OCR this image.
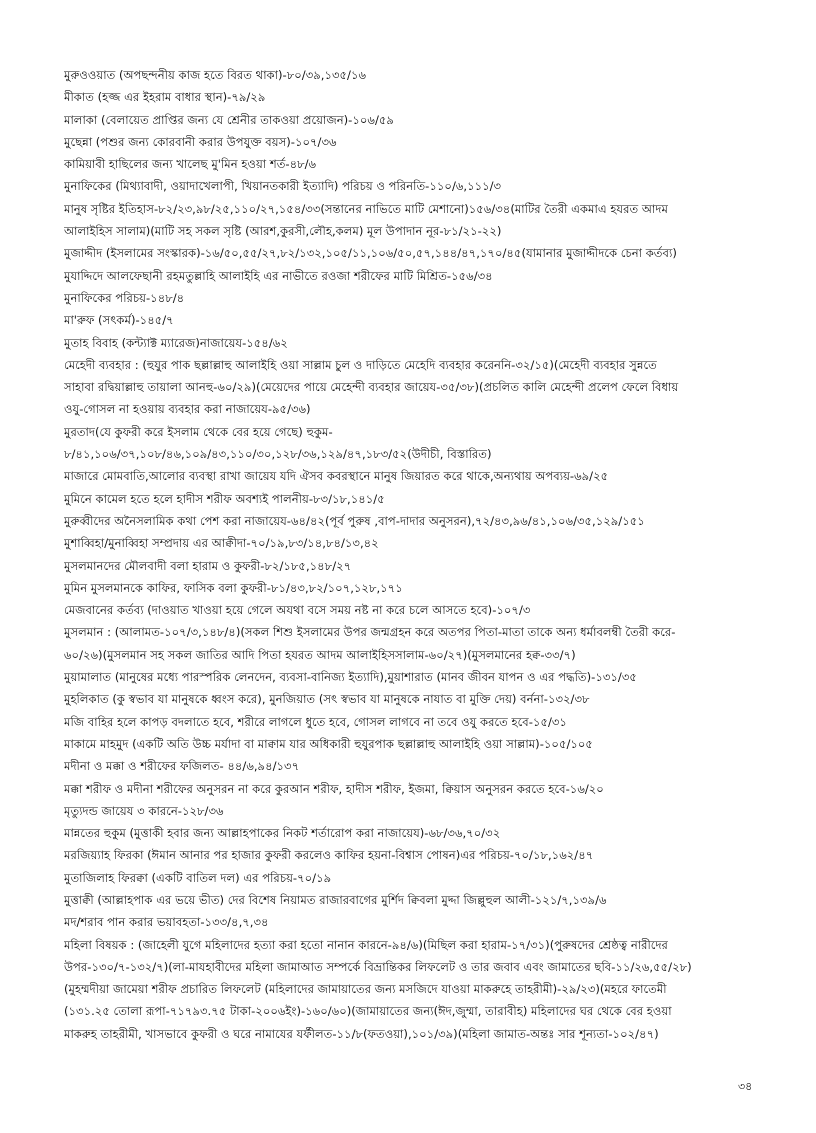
মুরুওওয়াত (অপছন্দনীয় কাজ হতে বিরত থাকা)-৮০/৩৯,১৩৫/১৬
মীকাত (হজ্জ এর ইহরাম বাধার স্থান)-৭৯/২৯
মালাকা (বেলায়েত প্রাপ্তির জন্য যে শ্রেনীর তাকওয়া প্রয়োজন)-১০৬/৫৯
মুছেন্না (পশুর জন্য কোরবানী করার উপযুক্ত বয়স)-১০৭/৩৬
কামিয়াবী হাছিলের জন্য খালেছ মু'মিন হওয়া শর্ত-৪৮/৬
মুনাফিকের (মিথ্যাবাদী, ওয়াদাখেলাপী, খিয়ানতকারী ইত্যাদি) পরিচয় ও পরিনতি-১১০/৬,১১১/৩
মানুষ সৃষ্টির ইতিহাস-৮২/২৩,৯৮/২৫,১১০/২৭,১৫৪/৩৩(সন্তানের নাভিতে মাটি মেশানো)১৫৬/৩৪(মাটির তৈরী একমাএ হযরত আদম
আলাইহিস সালাম)(মাটি সহ সকল সৃষ্টি (আরশ,কুরসী,লৌহ,কলম) মূল উপাদান নূর-৮১/২১-২২)
মুজাদ্দীদ (ইসলামের সংস্কারক)-১৬/৫০,৫৫/২৭,৮২/১৩২,১০৫/১১,১০৬/৫০,৫৭,১৪৪/৪৭,১৭০/৪৫(যামানার মুজাদ্দীদকে চেনা কর্তব্য)
মুযাদ্দিদে আলফেছানী রহমতুল্লাহি আলাইহি এর নাভীতে রওজা শরীফের মাটি মিশ্রিত-১৫৬/৩৪
মুনাফিকের পরিচয়-১৪৮/৪
মা'রুফ (সৎকর্ম)-১৪৫/৭
মুতাহ বিবাহ (কন্ট্যাক্ট ম্যারেজ)নাজায়েয-১৫৪/৬২
মেহেদী ব্যবহার : (হুযুর পাক ছল্লাল্লাহু আলাইহি ওয়া সাল্লাম চুল ও দাড়িতে মেহেদি ব্যবহার করেননি-৩২/১৫)(মেহেদী ব্যবহার সুন্নতে
সাহাবা রদ্বিয়াল্লাহু তায়ালা আনহু-৬০/২৯)(মেয়েদের পায়ে মেহেন্দী ব্যবহার জায়েয-৩৫/৩৮)(প্রচলিত কালি মেহেন্দী প্রলেপ ফেলে বিধায়
ওযু-গোসল না হওয়ায় ব্যবহার করা নাজায়েয-৯৫/৩৬)
মুরতাদ(যে কুফরী করে ইসলাম থেকে বের হয়ে গেছে) হুকুম-
৮/৪১,১০৬/৩৭,১০৮/৪৬,১০৯/৪৩,১১০/৩০,১২৮/৩৬,১২৯/৪৭,১৮৩/৫২(উদীচী, বিস্তারিত)
মাজারে মোমবাতি,আলোর ব্যবস্থা রাখা জায়েয যদি ঐসব কবরস্থানে মানুষ জিয়ারত করে থাকে,অন্যথায় অপব্যয়-৬৯/২৫
মুমিনে কামেল হতে হলে হাদীস শরীফ অবশ্যই পালনীয়-৮৩/১৮,১৪১/৫
মুরুব্বীদের অনৈসলামিক কথা পেশ করা নাজায়েয-৬৪/৪২(পূর্ব পুরুষ ,বাপ-দাদার অনুসরন),৭২/৪৩,৯৬/৪১,১০৬/৩৫,১২৯/১৫১
মুশাব্বিহা/মুনাব্বিহা সম্প্রদায় এর আক্বীদা-৭০/১৯,৮৩/১৪,৮৪/১৩,৪২
মুসলমানদের মৌলবাদী বলা হারাম ও কুফরী-৮২/১৮৫,১৪৮/২৭
মুমিন মুসলমানকে কাফির, ফাসিক বলা কুফরী-৮১/৪৩,৮২/১০৭,১২৮,১৭১
মেজবানের কর্তব্য (দাওয়াত খাওয়া হয়ে গেলে অযথা বসে সময় নষ্ট না করে চলে আসতে হবে)-১০৭/৩
মুসলমান : (আলামত-১০৭/৩,১৪৮/৪)(সকল শিশু ইসলামের উপর জন্মগ্রহন করে অতপর পিতা-মাতা তাকে অন্য ধর্মাবলম্বী তৈরী করে-
৬০/২৬)(মুসলমান সহ সকল জাতির আদি পিতা হযরত আদম আলাইহিসসালাম-৬০/২৭)(মুসলমানের হক্ব-৩৩/৭)
মুয়ামালাত (মানুষের মধ্যে পারস্পরিক লেনদেন, ব্যবসা-বানিজ্য ইত্যাদি),মুয়াশারাত (মানব জীবন যাপন ও এর পদ্ধতি)-১৩১/৩৫
মুহলিকাত (কু স্বভাব যা মানুষকে ধ্বংস করে), মুনজিয়াত (সৎ স্বভাব যা মানুষকে নাযাত বা মুক্তি দেয়) বর্ননা-১৩২/৩৮
মজি বাহির হলে কাপড় বদলাতে হবে, শরীরে লাগলে ধুতে হবে, গোসল লাগবে না তবে ওযু করতে হবে-১৫/৩১
মাকামে মাহমুদ (একটি অতি উচ্চ মর্যাদা বা মাক্বাম যার অধিকারী হুযুরপাক ছল্লাল্লাহু আলাইহি ওয়া সাল্লাম)-১০৫/১০৫
মদীনা ও মক্কা ও শরীফের ফজিলত- ৪৪/৬,৯৪/১৩৭
মক্কা শরীফ ও মদীনা শরীফের অনুসরন না করে কুরআন শরীফ, হাদীস শরীফ, ইজমা, ক্বিয়াস অনুসরন করতে হবে-১৬/২০
মৃত্যুদন্ড জায়েয ৩ কারনে-১২৮/৩৬
মান্নতের হুকুম (মুত্তাকী হবার জন্য আল্লাহপাকের নিকট শর্তারোপ করা নাজায়েয)-৬৮/৩৬,৭০/৩২
মরজিয়্যাহ ফিরকা (ঈমান আনার পর হাজার কুফরী করলেও কাফির হয়না-বিশ্বাস পোষন)এর পরিচয়-৭০/১৮,১৬২/৪৭
মুতাজিলাহ ফিরক্বা (একটি বাতিল দল) এর পরিচয়-৭০/১৯
মুত্তাক্বী (আল্লাহপাক এর ভয়ে ভীত) দের বিশেষ নিয়ামত রাজারবাগের মুর্শিদ ক্বিবলা মুদ্দা জিল্লুহুল আলী-১২১/৭,১৩৯/৬
মদ/শরাব পান করার ভয়াবহতা-১৩৩/৪,৭,৩৪
মহিলা বিষয়ক : (জাহেলী যুগে মহিলাদের হত্যা করা হতো নানান কারনে-৯৪/৬)(মিছিল করা হারাম-১৭/৩১)(পুরুষদের শ্রেষ্ঠত্ব নারীদের
উপর-১৩০/৭-১৩২/৭)(লা-মাযহাবীদের মহিলা জামাআত সম্পর্কে বিভ্রান্তিকর লিফলেট ও তার জবাব এবং জামাতের ছবি-১১/২৬,৫৫/২৮)
(মুহম্মদীয়া জামেয়া শরীফ প্রচারিত লিফলেট (মহিলাদের জামায়াতের জন্য মসজিদে যাওয়া মাকরুহে তাহরীমী)-২৯/২৩)(মহরে ফাতেমী
(১৩১.২৫ তোলা রূপা-৭১৭৯৩.৭৫ টাকা-২০০৬ইং)-১৬০/৬০)(জামায়াতের জন্য(ঈদ,জুম্মা, তারাবীহ) মহিলাদের ঘর থেকে বের হওয়া
মাকরুহ তাহরীমী, খাসভাবে কুফরী ও ঘরে নামাযের যর্ফীলত-১১/৮(ফতওয়া),১০১/৩৯)(মহিলা জামাত-অন্তঃ সার শূন্যতা-১০২/৪৭)
৩৪
